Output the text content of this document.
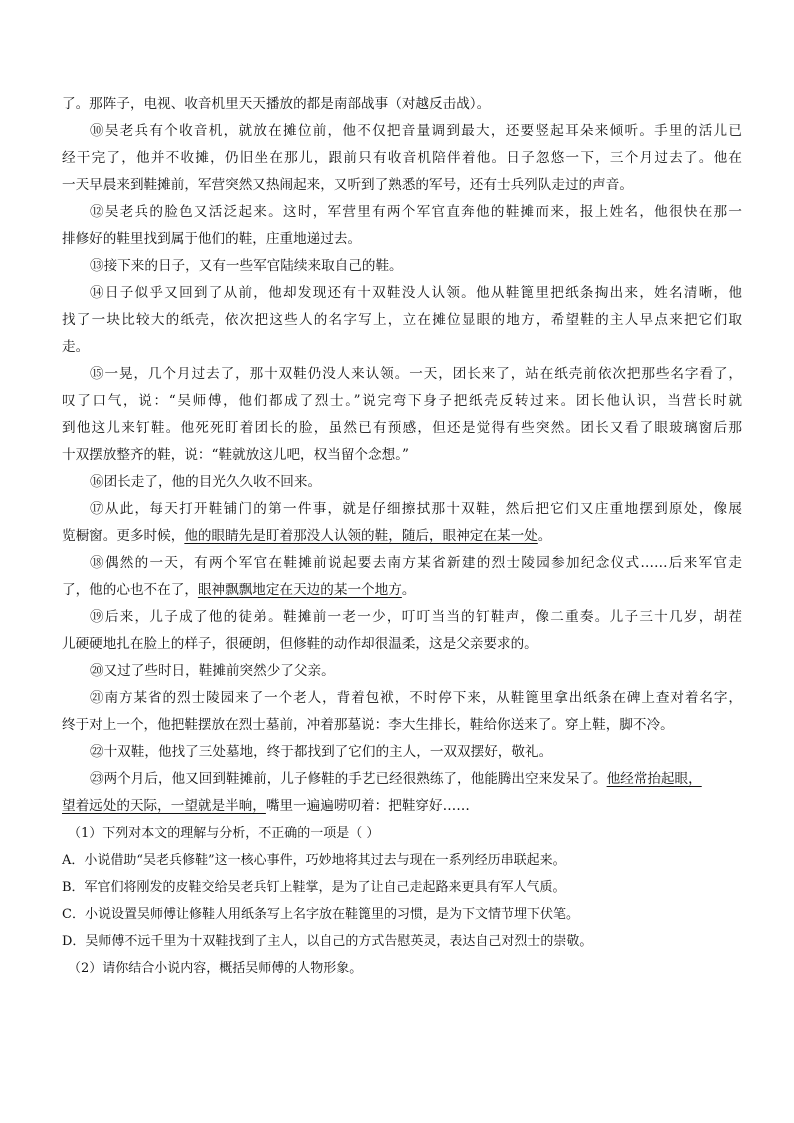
了。那阵子，电视、收音机里天天播放的都是南部战事（对越反击战）。
⑩吴老兵有个收音机，就放在摊位前，他不仅把音量调到最大，还要竖起耳朵来倾听。手里的活儿已
经干完了，他并不收摊，仍旧坐在那儿，跟前只有收音机陪伴着他。日子忽悠一下，三个月过去了。他在
一天早晨来到鞋摊前，军营突然又热闹起来，又听到了熟悉的军号，还有士兵列队走过的声音。
⑫吴老兵的脸色又活泛起来。这时，军营里有两个军官直奔他的鞋摊而来，报上姓名，他很快在那一
排修好的鞋里找到属于他们的鞋，庄重地递过去。
⑬接下来的日子，又有一些军官陆续来取自己的鞋。
⑭日子似乎又回到了从前，他却发现还有十双鞋没人认领。他从鞋篦里把纸条掏出来，姓名清晰，他
找了一块比较大的纸壳，依次把这些人的名字写上，立在摊位显眼的地方，希望鞋的主人早点来把它们取
走。
⑮一晃，几个月过去了，那十双鞋仍没人来认领。一天，团长来了，站在纸壳前依次把那些名字看了，
叹了口气，说：“吴师傅，他们都成了烈士。”说完弯下身子把纸壳反转过来。团长他认识，当营长时就
到他这儿来钉鞋。他死死盯着团长的脸，虽然已有预感，但还是觉得有些突然。团长又看了眼玻璃窗后那
十双摆放整齐的鞋，说：“鞋就放这儿吧，权当留个念想。”
⑯团长走了，他的目光久久收不回来。
⑰从此，每天打开鞋铺门的第一件事，就是仔细擦拭那十双鞋，然后把它们又庄重地摆到原处，像展
览橱窗。更多时候，他的眼睛先是盯着那没人认领的鞋，随后，眼神定在某一处。
⑱偶然的一天，有两个军官在鞋摊前说起要去南方某省新建的烈士陵园参加纪念仪式……后来军官走
了，他的心也不在了，眼神飘飘地定在天边的某一个地方。
⑲后来，儿子成了他的徒弟。鞋摊前一老一少，叮叮当当的钉鞋声，像二重奏。儿子三十几岁，胡茬
儿硬硬地扎在脸上的样子，很硬朗，但修鞋的动作却很温柔，这是父亲要求的。
⑳又过了些时日，鞋摊前突然少了父亲。
㉑南方某省的烈士陵园来了一个老人，背着包袱，不时停下来，从鞋篦里拿出纸条在碑上查对着名字，
终于对上一个，他把鞋摆放在烈士墓前，冲着那墓说：李大生排长，鞋给你送来了。穿上鞋，脚不冷。
㉒十双鞋，他找了三处墓地，终于都找到了它们的主人，一双双摆好，敬礼。
㉓两个月后，他又回到鞋摊前，儿子修鞋的手艺已经很熟练了，他能腾出空来发呆了。他经常抬起眼，
望着远处的天际，一望就是半晌，嘴里一遍遍唠叨着：把鞋穿好……
（1）下列对本文的理解与分析，不正确的一项是（ ）
A．小说借助“吴老兵修鞋”这一核心事件，巧妙地将其过去与现在一系列经历串联起来。
B．军官们将刚发的皮鞋交给吴老兵钉上鞋掌，是为了让自己走起路来更具有军人气质。
C．小说设置吴师傅让修鞋人用纸条写上名字放在鞋篦里的习惯，是为下文情节埋下伏笔。
D．吴师傅不远千里为十双鞋找到了主人，以自己的方式告慰英灵，表达自己对烈士的崇敬。
（2）请你结合小说内容，概括吴师傅的人物形象。
